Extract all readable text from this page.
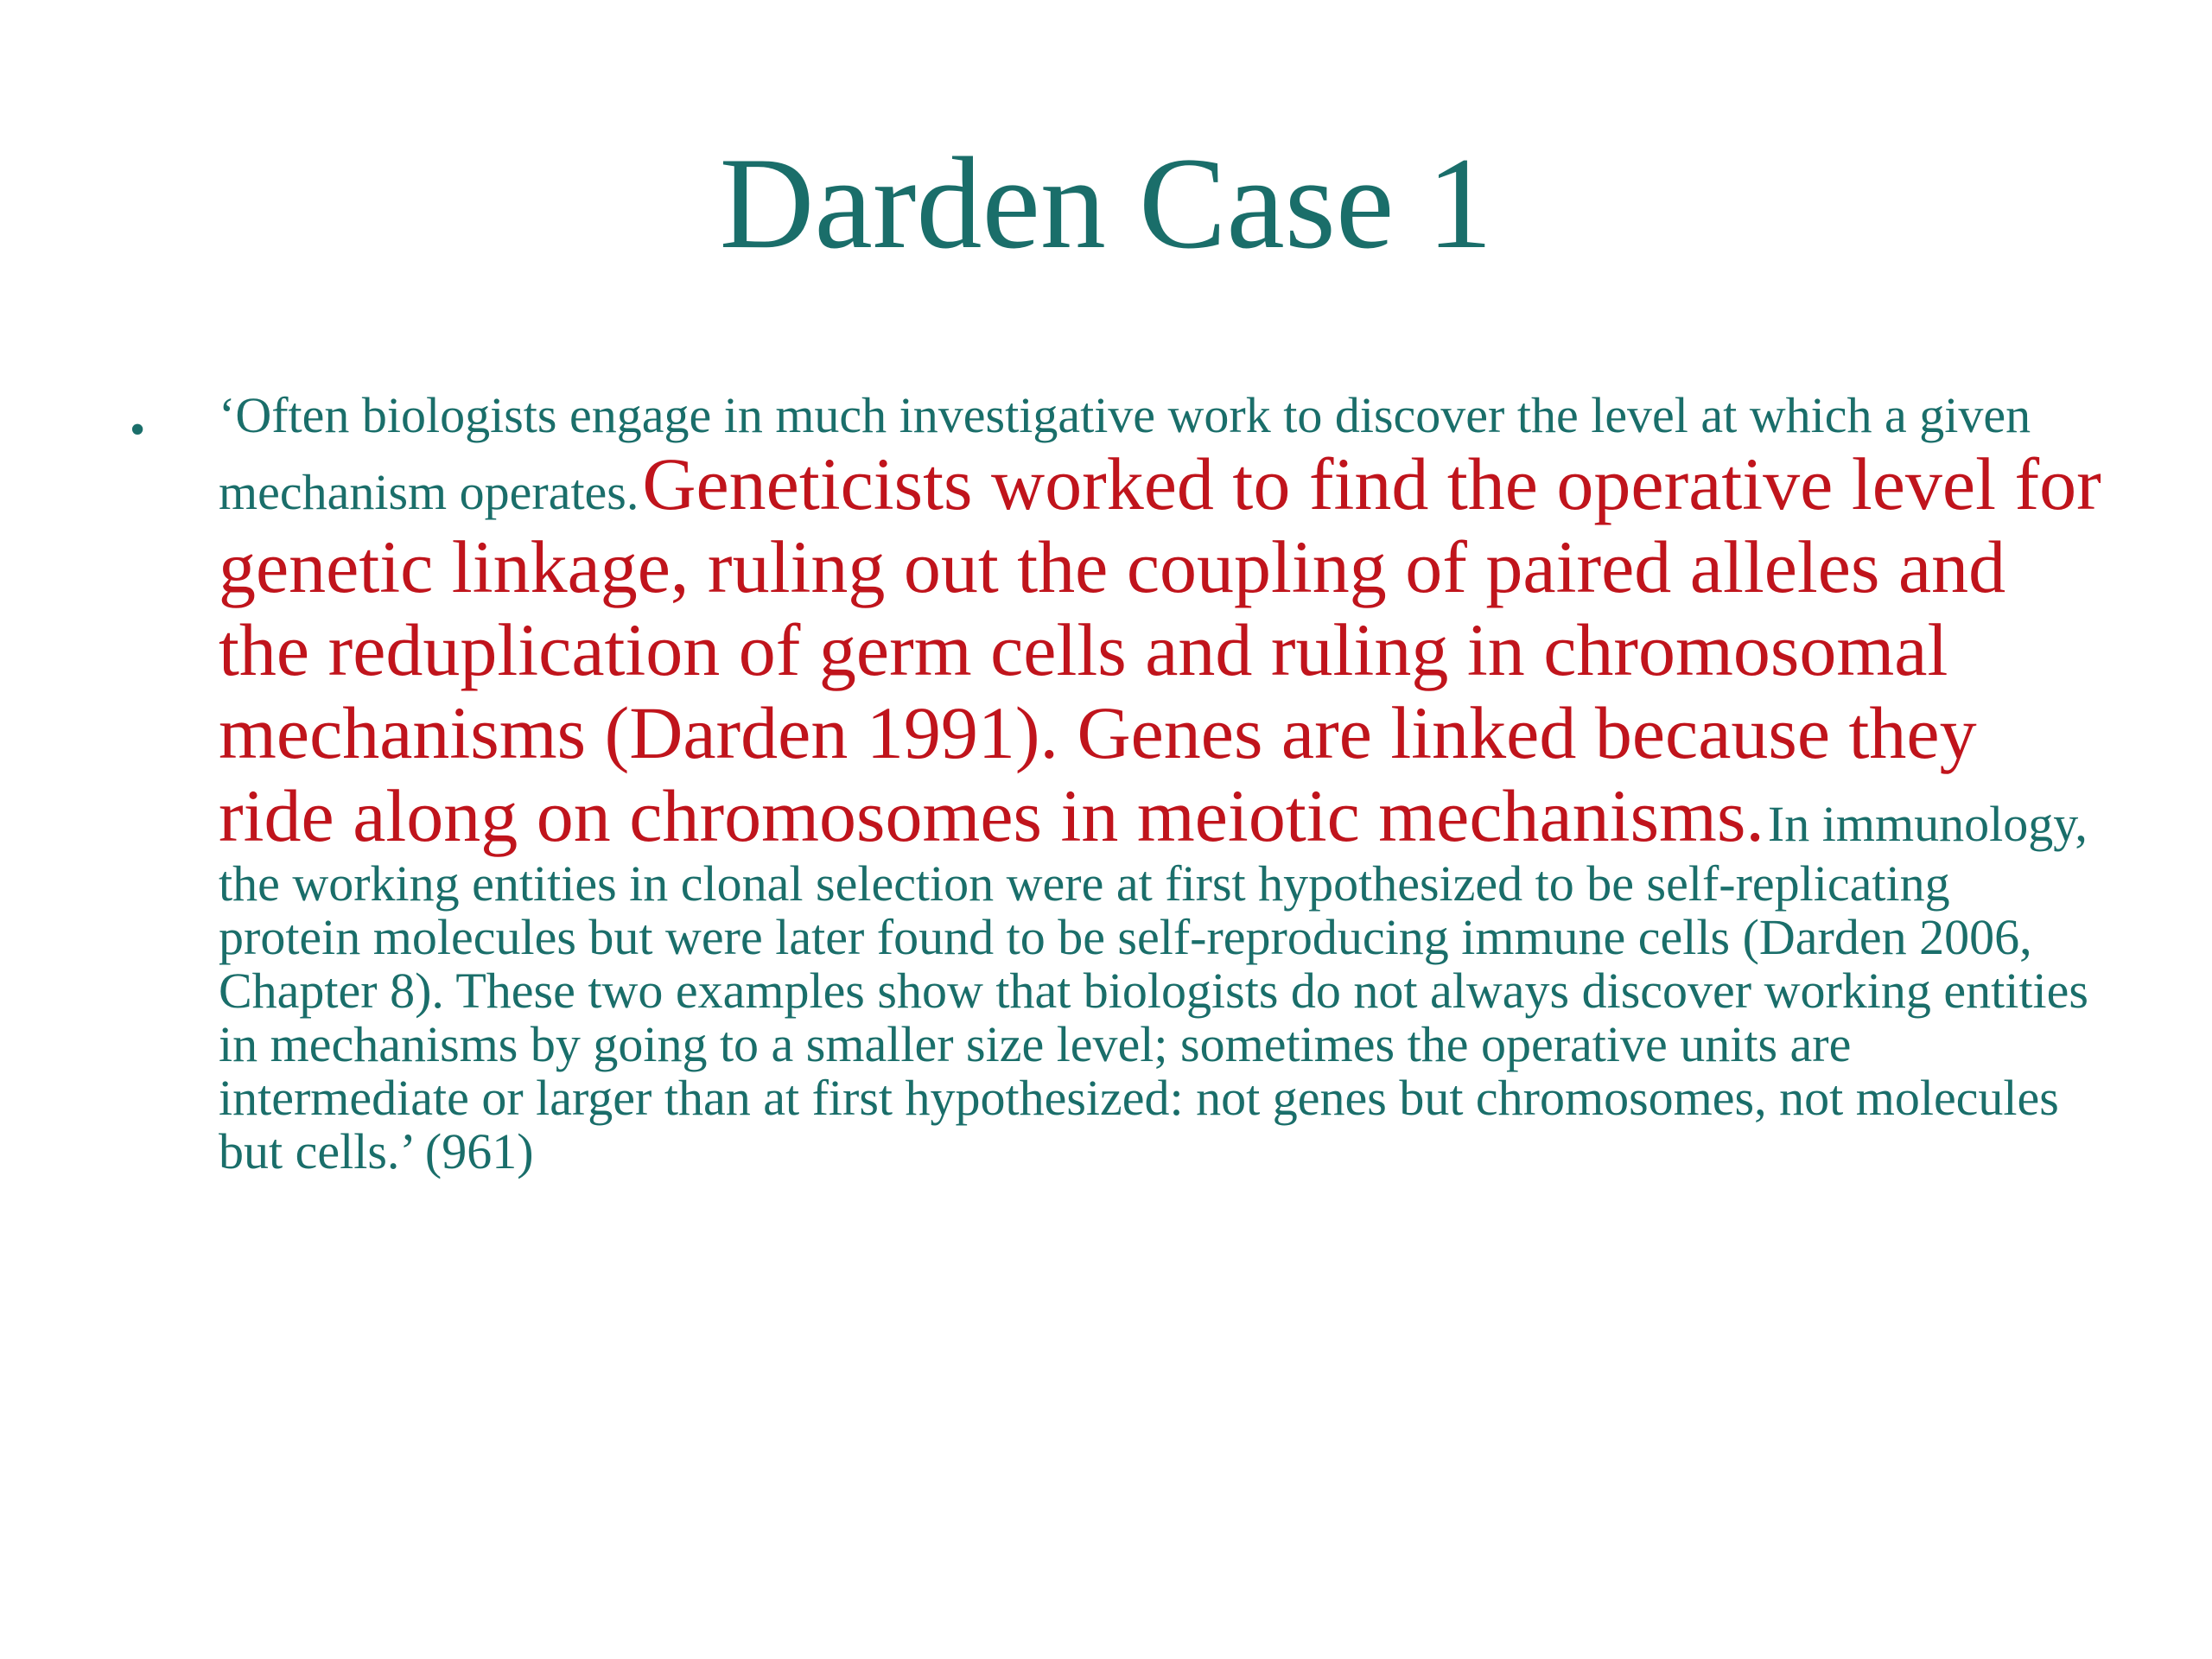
Darden Case 1
• ‘Often biologists engage in much investigative work to discover the level at which a given mechanism operates. Geneticists worked to find the operative level for genetic linkage, ruling out the coupling of paired alleles and the reduplication of germ cells and ruling in chromosomal mechanisms (Darden 1991). Genes are linked because they ride along on chromosomes in meiotic mechanisms. In immunology, the working entities in clonal selection were at first hypothesized to be self-replicating protein molecules but were later found to be self-reproducing immune cells (Darden 2006, Chapter 8). These two examples show that biologists do not always discover working entities in mechanisms by going to a smaller size level; sometimes the operative units are intermediate or larger than at first hypothesized: not genes but chromosomes, not molecules but cells.’ (961)
